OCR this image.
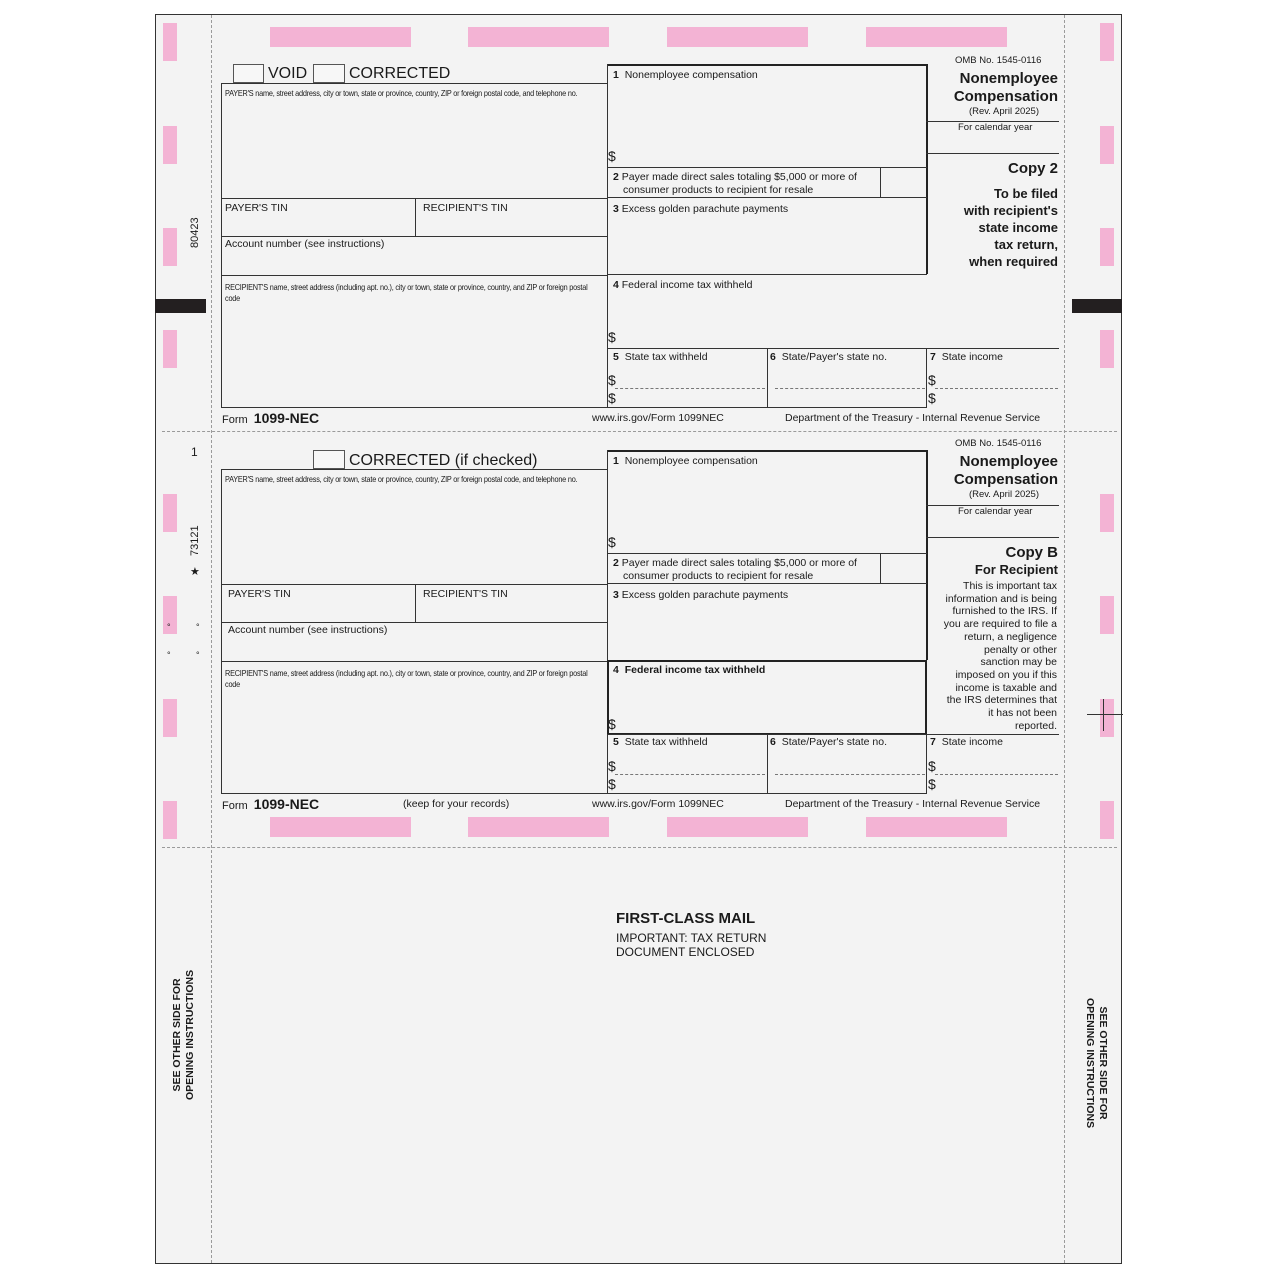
80423
1
73121
★
°	°
°	°
VOID	CORRECTED
PAYER'S name, street address, city or town, state or province, country, ZIP or foreign postal code, and telephone no.
PAYER'S TIN	RECIPIENT'S TIN
Account number (see instructions)
RECIPIENT'S name, street address (including apt. no.), city or town, state or province, country, and ZIP or foreign postal code
1 Nonemployee compensation
$
2 Payer made direct sales totaling $5,000 or more of
consumer products to recipient for resale
3 Excess golden parachute payments
4 Federal income tax withheld
$
5 State tax withheld
$
$
6 State/Payer's state no.	7 State income
$
$
OMB No. 1545-0116
Nonemployee
Compensation
(Rev. April 2025)
For calendar year
Copy 2
To be filed
with recipient's
state income
tax return,
when required
Form 1099-NEC	www.irs.gov/Form 1099NEC	Department of the Treasury - Internal Revenue Service
CORRECTED (if checked)
PAYER'S name, street address, city or town, state or province, country, ZIP or foreign postal code, and telephone no.
PAYER'S TIN	RECIPIENT'S TIN
Account number (see instructions)
RECIPIENT'S name, street address (including apt. no.), city or town, state or province, country, and ZIP or foreign postal code
1 Nonemployee compensation
$
2 Payer made direct sales totaling $5,000 or more of
consumer products to recipient for resale
3 Excess golden parachute payments
4 Federal income tax withheld
$
5 State tax withheld
$
$
6 State/Payer's state no.	7 State income
$
$
OMB No. 1545-0116
Nonemployee
Compensation
(Rev. April 2025)
For calendar year
Copy B
For Recipient
This is important tax
information and is being
furnished to the IRS. If
you are required to file a
return, a negligence
penalty or other
sanction may be
imposed on you if this
income is taxable and
the IRS determines that
it has not been
reported.
Form 1099-NEC	(keep for your records)	www.irs.gov/Form 1099NEC	Department of the Treasury - Internal Revenue Service
FIRST-CLASS MAIL
IMPORTANT: TAX RETURN
DOCUMENT ENCLOSED
SEE OTHER SIDE FOR OPENING INSTRUCTIONS	SEE OTHER SIDE FOR
OPENING INSTRUCTIONS
